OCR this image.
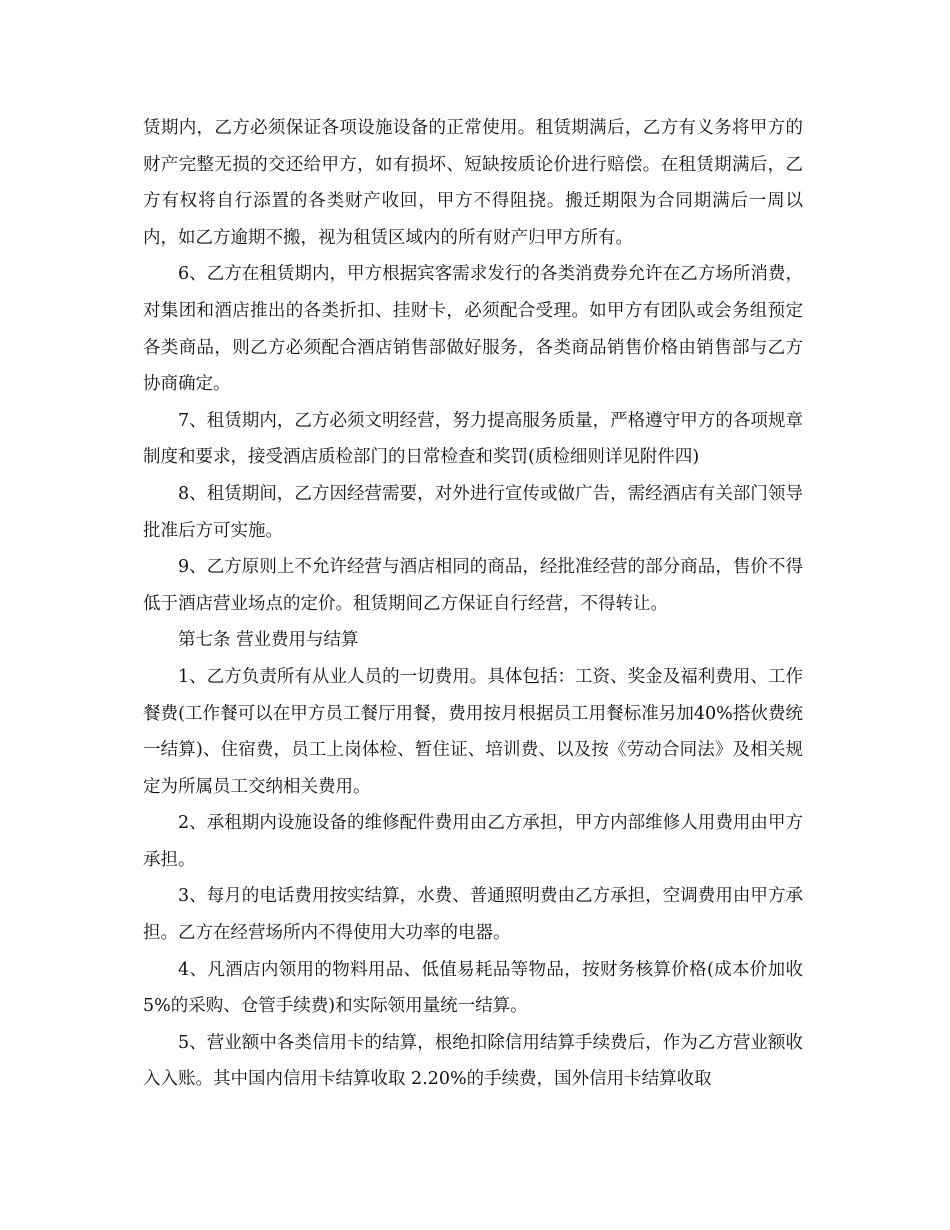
赁期内，乙方必须保证各项设施设备的正常使用。租赁期满后，乙方有义务将甲方的财产完整无损的交还给甲方，如有损坏、短缺按质论价进行赔偿。在租赁期满后，乙方有权将自行添置的各类财产收回，甲方不得阻挠。搬迁期限为合同期满后一周以内，如乙方逾期不搬，视为租赁区域内的所有财产归甲方所有。

6、乙方在租赁期内，甲方根据宾客需求发行的各类消费券允许在乙方场所消费，对集团和酒店推出的各类折扣、挂财卡，必须配合受理。如甲方有团队或会务组预定各类商品，则乙方必须配合酒店销售部做好服务，各类商品销售价格由销售部与乙方协商确定。

7、租赁期内，乙方必须文明经营，努力提高服务质量，严格遵守甲方的各项规章制度和要求，接受酒店质检部门的日常检查和奖罚(质检细则详见附件四)

8、租赁期间，乙方因经营需要，对外进行宣传或做广告，需经酒店有关部门领导批准后方可实施。

9、乙方原则上不允许经营与酒店相同的商品，经批准经营的部分商品，售价不得低于酒店营业场点的定价。租赁期间乙方保证自行经营，不得转让。

第七条 营业费用与结算

1、乙方负责所有从业人员的一切费用。具体包括：工资、奖金及福利费用、工作餐费(工作餐可以在甲方员工餐厅用餐，费用按月根据员工用餐标准另加40%搭伙费统一结算)、住宿费，员工上岗体检、暂住证、培训费、以及按《劳动合同法》及相关规定为所属员工交纳相关费用。

2、承租期内设施设备的维修配件费用由乙方承担，甲方内部维修人用费用由甲方承担。

3、每月的电话费用按实结算，水费、普通照明费由乙方承担，空调费用由甲方承担。乙方在经营场所内不得使用大功率的电器。

4、凡酒店内领用的物料用品、低值易耗品等物品，按财务核算价格(成本价加收 5%的采购、仓管手续费)和实际领用量统一结算。

5、营业额中各类信用卡的结算，根绝扣除信用结算手续费后，作为乙方营业额收入入账。其中国内信用卡结算收取 2.20%的手续费，国外信用卡结算收取
